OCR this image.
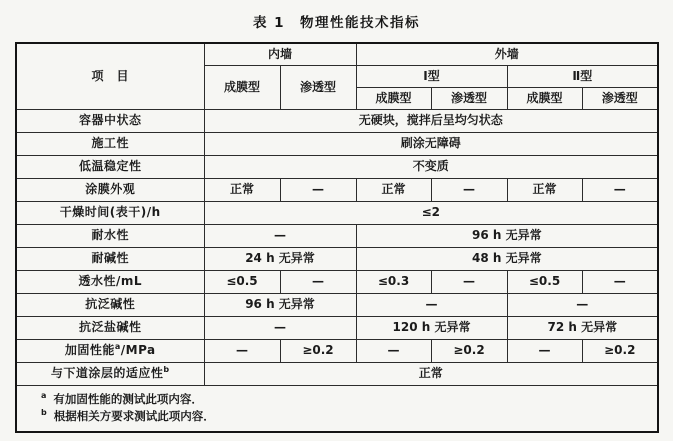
表 1　物理性能技术指标
项　目	内墙		外墙			
	成膜型	渗透型	Ⅰ型		Ⅱ型	
			成膜型	渗透型	成膜型	渗透型
容器中状态	无硬块，搅拌后呈均匀状态					
施工性	刷涂无障碍					
低温稳定性	不变质					
涂膜外观	正常	—	正常	—	正常	—
干燥时间(表干)/h	≤2					
耐水性	—		96 h 无异常			
耐碱性	24 h 无异常		48 h 无异常			
透水性/mL	≤0.5	—	≤0.3	—	≤0.5	—
抗泛碱性	96 h 无异常		—		—	
抗泛盐碱性	—		120 h 无异常		72 h 无异常	
加固性能$^a$/MPa	—	≥0.2	—	≥0.2	—	≥0.2
与下道涂层的适应性$^b$	正常					

$^a$ 有加固性能的测试此项内容．
$^b$ 根据相关方要求测试此项内容．						
